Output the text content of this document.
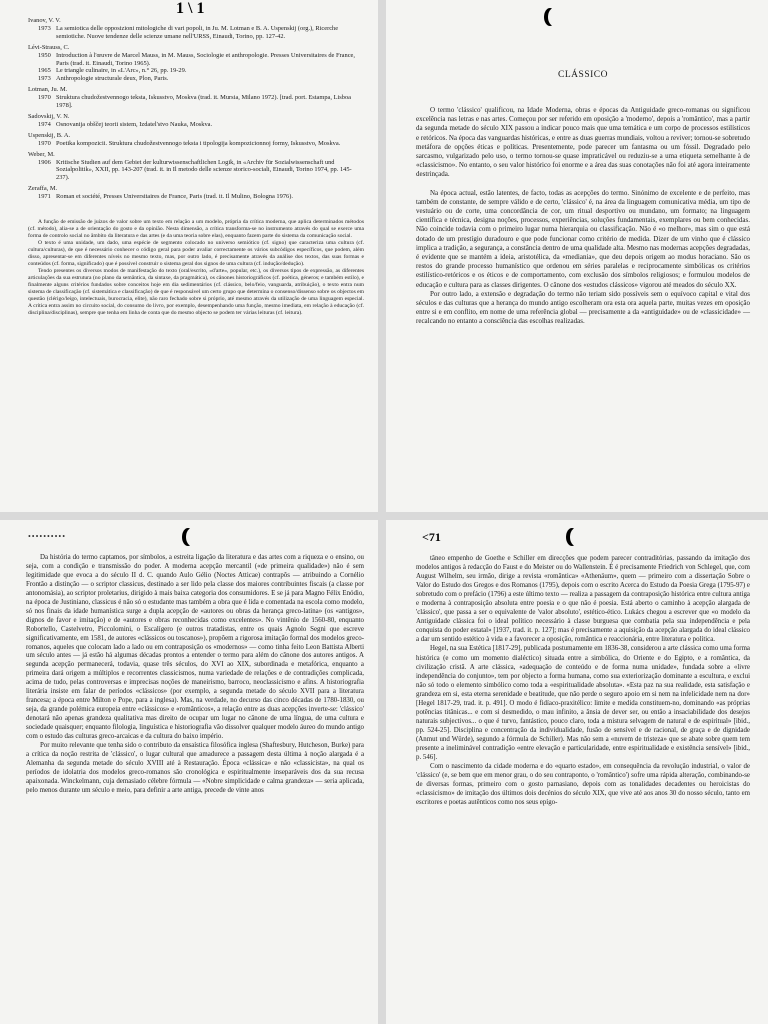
1 \ 1
Ivanov, V. V.
1973 La semiotica delle opposizioni mitologiche di vari popoli, in Ju. M. Lotman e B. A. Uspenskij (org.), Ricerche semiotiche. Nuove tendenze delle scienze umane nell'URSS, Einaudi, Torino, pp. 127-42.
Lévi-Strauss, C.
1950 Introduction à l'œuvre de Marcel Mauss, in M. Mauss, Sociologie et anthropologie. Presses Universitaires de France, Paris (trad. it. Einaudi, Torino 1965).
1965 Le triangle culinaire, in «L'Arc», n.° 26, pp. 19-29.
1973 Anthropologie structurale deux, Plon, Paris.
Lotman, Ju. M.
1970 Struktura chudožestvennogo teksta, Iskusstvo, Moskva (trad. it. Mursia, Milano 1972). [trad. port. Estampa, Lisboa 1978].
Sadovskij, V. N.
1974 Osnovanija obščej teorii sistem, Izdatel'stvo Nauka, Moskva.
Uspenskij, B. A.
1970 Poetika kompozicii. Struktura chudožestvennogo teksta i tipologija kompozicionnoj formy, Iskusstvo, Moskva.
Weber, M.
1906 Kritische Studien auf dem Gebiet der kulturwissenschaftlichen Logik, in «Archiv für Sozialwissenschaft und Sozialpolitik», XXII, pp. 143-207 (trad. it. in Il metodo delle scienze storico-sociali, Einaudi, Torino 1974, pp. 145-237).
Zeraffa, M.
1971 Roman et société, Presses Universitaires de France, Paris (trad. it. Il Mulino, Bologna 1976).

A função de emissão de juízos de valor sobre um texto em relação a um modelo, própria da crítica moderna, que aplica determinados métodos (cf. método), alia-se a de orientação do gosto e da opinião. Nesta dimensão, a crítica transforma-se no instrumento através do qual se exerce uma forma de controlo social no âmbito da literatura e das artes (e da uma teoria sobre elas), enquanto fazem parte do sistema da comunicação social.

O texto é uma unidade, um dado, uma espécie de segmento colocado no universo semiótico (cf. signo) que caracteriza uma cultura (cf. cultura/culturas), de que é necessário conhecer o código geral para poder avaliar correctamente os vários subcódigos específicos, que podem, além disso, apresentar-se em diferentes níveis no mesmo texto, mas, por outro lado, é precisamente através da análise dos textos, das suas formas e conteúdos (cf. forma, significado) que é possível construir o sistema geral dos signos de uma cultura (cf. indução/dedução).

Tendo presentes os diversos modos de manifestação do texto (oral/escrito, «d'arte», popular, etc.), os diversos tipos de expressão, as diferentes articulações da sua estrutura (no plano da semântica, da sintaxe, da pragmática), os cânones historiográficos (cf. poética, géneros; e também estilo), e finalmente alguns critérios fundados sobre conceitos hoje em dia sedimentários (cf. clássico, belo/feio, vanguarda, atribuição), o texto entra num sistema de classificação (cf. sistemática e classificação) de que é responsável um certo grupo que determina o consenso/dissenso sobre os objectos em questão (clérigo/leigo, intelectuais, burocracia, elite), não raro fechado sobre si próprio, até mesmo através da utilização de uma linguagem especial. A crítica entra assim no circuito social, do consumo do livro, por exemplo, desempenhando uma função, mesmo imediata, em relação à educação (cf. disciplina/disciplinas), sempre que tenha em linha de conta que do mesmo objecto se podem ter várias leituras (cf. leitura).

CLÁSSICO

O termo 'clássico' qualificou, na Idade Moderna, obras e épocas da Antiguidade greco-romanas ou significou excelência nas letras e nas artes. Começou por ser referido em oposição a 'moderno', depois a 'romântico', mas a partir da segunda metade do século XIX passou a indicar pouco mais que uma temática e um corpo de processos estilísticos e retóricos. Na época das vanguardas históricas, e entre as duas guerras mundiais, voltou a reviver; tornou-se sobretudo metáfora de opções éticas e políticas. Presentemente, pode parecer um fantasma ou um fóssil. Degradado pelo sarcasmo, vulgarizado pelo uso, o termo tornou-se quase impraticável ou reduziu-se a uma etiqueta semelhante à de «classicismo». No entanto, o seu valor histórico foi enorme e a área das suas conotações não foi até agora inteiramente destrinçada.

Na época actual, estão latentes, de facto, todas as acepções do termo. Sinónimo de excelente e de perfeito, mas também de constante, de sempre válido e de certo, 'clássico' é, na área da linguagem comunicativa média, um tipo de vestuário ou de corte, uma concordância de cor, um ritual desportivo ou mundano, um formato; na linguagem científica e técnica, designa noções, processos, experiências, soluções fundamentais, exemplares ou bem conhecidas. Não coincide todavia com o primeiro lugar numa hierarquia ou classificação. Não é «o melhor», mas sim o que está dotado de um prestígio duradouro e que pode funcionar como critério de medida. Dizer de um vinho que é clássico implica a tradição, a segurança, a constância dentro de uma qualidade alta. Mesmo nas modernas acepções degradadas, é evidente que se mantém a ideia, aristotélica, da «mediania», que deu depois origem ao modus horaciano. São os restos do grande processo humanístico que ordenou em séries paralelas e reciprocamente simbólicas os critérios estilístico-retóricos e os éticos e de comportamento, com exclusão dos símbolos religiosos; e formulou modelos de educação e cultura para as classes dirigentes. O cânone dos «estudos clássicos» vigorou até meados do século XX.

Por outro lado, a extensão e degradação do termo não teriam sido possíveis sem o equívoco capital e vital dos séculos e das culturas que a herança do mundo antigo escolheram ora esta ora aquela parte, muitas vezes em oposição entre si e em conflito, em nome de uma referência global — precisamente a da «antiguidade» ou de «classicidade» — recalcando no entanto a consciência das escolhas realizadas.

••••••••••

Da história do termo captamos, por símbolos, a estreita ligação da literatura e das artes com a riqueza e o ensino, ou seja, com a condição e transmissão do poder. A moderna acepção mercantil («de primeira qualidade») não é sem legitimidade que evoca a do século II d. C. quando Aulo Gélio (Noctes Atticae) contrapõs — atribuindo a Cornélio Frontão a distinção — o scriptor classicus, destinado a ser lido pela classe dos maiores contribuintes fiscais (a classe por antonomásia), ao scriptor proletarius, dirigido à mais baixa categoria dos consumidores. E se já para Magno Félix Enódio, na época de Justiniano, classicus é não só o estudante mas também a obra que é lida e comentada na escola como modelo, só nos finais da idade humanística surge a dupla acepção de «autores ou obras da herança greco-latina» (os «antigos», dignos de favor e imitação) e de «autores e obras reconhecidas como excelentes». No vintênio de 1560-80, enquanto Robortello, Castelvetro, Piccolomini, o Escalígero (e outros tratadistas, entre os quais Agnolo Segni que escreve significativamente, em 1581, de autores «clássicos ou toscanos»), propõem a rigorosa imitação formal dos modelos greco-romanos, aqueles que colocam lado a lado ou em contraposição os «modernos» — como tinha feito Leon Battista Alberti um século antes — já estão há algumas décadas prontos a entender o termo para além do cânone dos autores antigos. A segunda acepção permanecerá, todavia, quase três séculos, do XVI ao XIX, subordinada e metafórica, enquanto a primeira dará origem a múltiplos e recorrentes classicismos, numa variedade de relações e de contradições complicada, acima de tudo, pelas controversas e imprecisas noções de maneirismo, barroco, neoclassicismo e afins. A historiografia literária insiste em falar de períodos «clássicos» (por exemplo, a segunda metade do século XVII para a literatura francesa; a época entre Milton e Pope, para a inglesa). Mas, na verdade, no decurso das cinco décadas de 1780-1830, ou seja, da grande polémica europeia entre «clássicos» e «românticos», a relação entre as duas acepções inverte-se: 'clássico' denotará não apenas grandeza qualitativa mas direito de ocupar um lugar no cânone de uma língua, de uma cultura e sociedade quaisquer; enquanto filologia, linguística e historiografia vão dissolver qualquer modelo áureo do mundo antigo com o estudo das culturas greco-arcaicas e da cultura do baixo império.

Por muito relevante que tenha sido o contributo da ensaística filosófica inglesa (Shaftesbury, Hutcheson, Burke) para a crítica da noção restrita de 'clássico', o lugar cultural que amadurece a passagem desta última à noção alargada é a Alemanha da segunda metade do século XVIII até à Restauração. Época «clássica» e não «classicista», na qual os períodos de idolatria dos modelos greco-romanos são cronológica e espiritualmente inseparáveis dos da sua recusa apaixonada. Winckelmann, cuja demasiado célebre fórmula — «Nobre simplicidade e calma grandeza» — seria aplicada, pelo menos durante um século e meio, para definir a arte antiga, precede de vinte anos

<71

tâneo empenho de Goethe e Schiller em direcções que podem parecer contraditórias, passando da imitação dos modelos antigos à redacção do Faust e do Meister ou do Wallenstein. É é precisamente Friedrich von Schlegel, que, com August Wilhelm, seu irmão, dirige a revista «romântica» «Athenäum», quem — primeiro com a dissertação Sobre o Valor do Estudo dos Gregos e dos Romanos (1795), depois com o escrito Acerca do Estudo da Poesia Grega (1795-97) e sobretudo com o prefácio (1796) a este último texto — realiza a passagem da contraposição histórica entre cultura antiga e moderna à contraposição absoluta entre poesia e o que não é poesia. Está aberto o caminho à acepção alargada de 'clássico', que passa a ser o equivalente de 'valor absoluto', estético-ético. Lukács chegou a escrever que «o modelo da Antiguidade clássica foi o ideal político necessário à classe burguesa que combatia pela sua independência e pela conquista do poder estatal» [1937, trad. it. p. 127]; mas é precisamente a aquisição da acepção alargada do ideal clássico a dar um sentido estético à vida e a favorecer a oposição, romântica e reaccionária, entre literatura e política.

Hegel, na sua Estética [1817-29], publicada postumamente em 1836-38, considerou a arte clássica como uma forma histórica (e como um momento dialéctico) situada entre a simbólica, do Oriente e do Egipto, e a romântica, da civilização cristã. A arte clássica, «adequação de conteúdo e de forma numa unidade», fundada sobre a «livre independência do conjunto», tem por objecto a forma humana, como sua exteriorização dominante a escultura, e exclui não só todo o elemento simbólico como toda a «espiritualidade absoluta». «Esta paz na sua realidade, esta satisfação e grandeza em si, esta eterna serenidade e beatitude, que não perde o seguro apoio em si nem na infelicidade nem na dor» [Hegel 1817-29, trad. it. p. 491]. O modo é fidíaco-praxitélico: limite e medida constituem-no, dominando «as próprias potências titânicas... e com si desmedido, o mau infinito, a ânsia de dever ser, ou então a insaciabilidade dos desejos naturais subjectivos... o que é turvo, fantástico, pouco claro, toda a mistura selvagem de natural e de espiritual» [ibid., pp. 524-25]. Disciplina e concentração da individualidade, fusão de sensível e de racional, de graça e de dignidade (Anmut und Würde), segundo a fórmula de Schiller). Mas não sem a «nuvem de tristeza» que se abate sobre quem tem presente a ineliminável contradição «entre elevação e particularidade, entre espiritualidade e existência sensível» [ibid., p. 546].

Com o nascimento da cidade moderna e do «quarto estado», em consequência da revolução industrial, o valor de 'clássico' (e, se bem que em menor grau, o do seu contraponto, o 'romântico') sofre uma rápida alteração, combinando-se de diversas formas, primeiro com o gosto parnasiano, depois com as tonalidades decadentes ou heroicistas do «classicismo» de imitação dos últimos dois decénios do século XIX, que vive até aos anos 30 do nosso século, tanto em escritores e poetas autênticos como nos seus epígo-
